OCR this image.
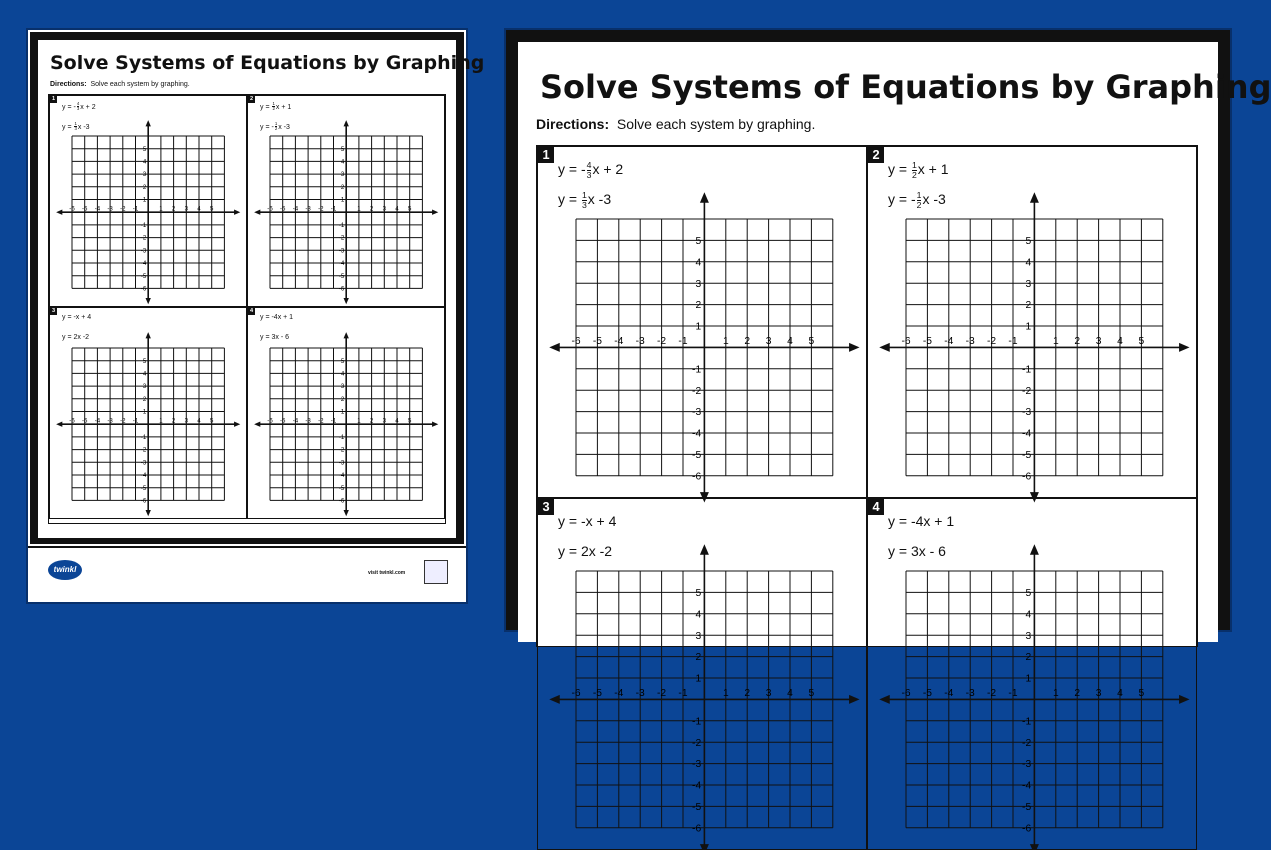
Solve Systems of Equations by Graphing
Directions: Solve each system by graphing.
1
y = - $\frac{4}{3}$ x + 2
$y = \frac{1}{3}$ x -3
-6 -5 -4 -3 -2 -1	1 2 3 4 5
5
4
3
2
1
-1
-2
-3
-4
-5
-6
2
$y = \frac{1}{2}$ x + 1
y = - $\frac{1}{2}$ x -3
-6 -5 -4 -3 -2 -1	1 2 3 4 5
5
4
3
2
1
-1
-2
-3
-4
-5
-6
3
y = -x + 4
y = 2x -2
-6 -5 -4 -3 -2 -1	1 2 3 4 5
5
4
3
2
1
-1
-2
-3
-4
-5
-6
4
y = -4x + 1
y = 3x - 6
-6 -5 -4 -3 -2 -1	1 2 3 4 5
5
4
3
2
1
-1
-2
-3
-4
-5
-6
twinkl	visit twinkl.com
Solve Systems of Equations by Graphing
Directions: Solve each system by graphing.
1
y = - $\frac{4}{3}$ x + 2
$y = \frac{1}{3}$ x -3
-6 -5 -4 -3 -2 -1	1 2 3 4 5
5
4
3
2
1
-1
-2
-3
-4
-5
-6
2
$y = \frac{1}{2}$ x + 1
y = - $\frac{1}{2}$ x -3
-6 -5 -4 -3 -2 -1	1 2 3 4 5
5
4
3
2
1
-1
-2
-3
-4
-5
-6
3
y = -x + 4
y = 2x -2
-6 -5 -4 -3 -2 -1	1 2 3 4 5
5
4
3
2
1
-1
-2
-3
-4
-5
-6
4
y = -4x + 1
y = 3x - 6
-6 -5 -4 -3 -2 -1	1 2 3 4 5
5
4
3
2
1
-1
-2
-3
-4
-5
-6
